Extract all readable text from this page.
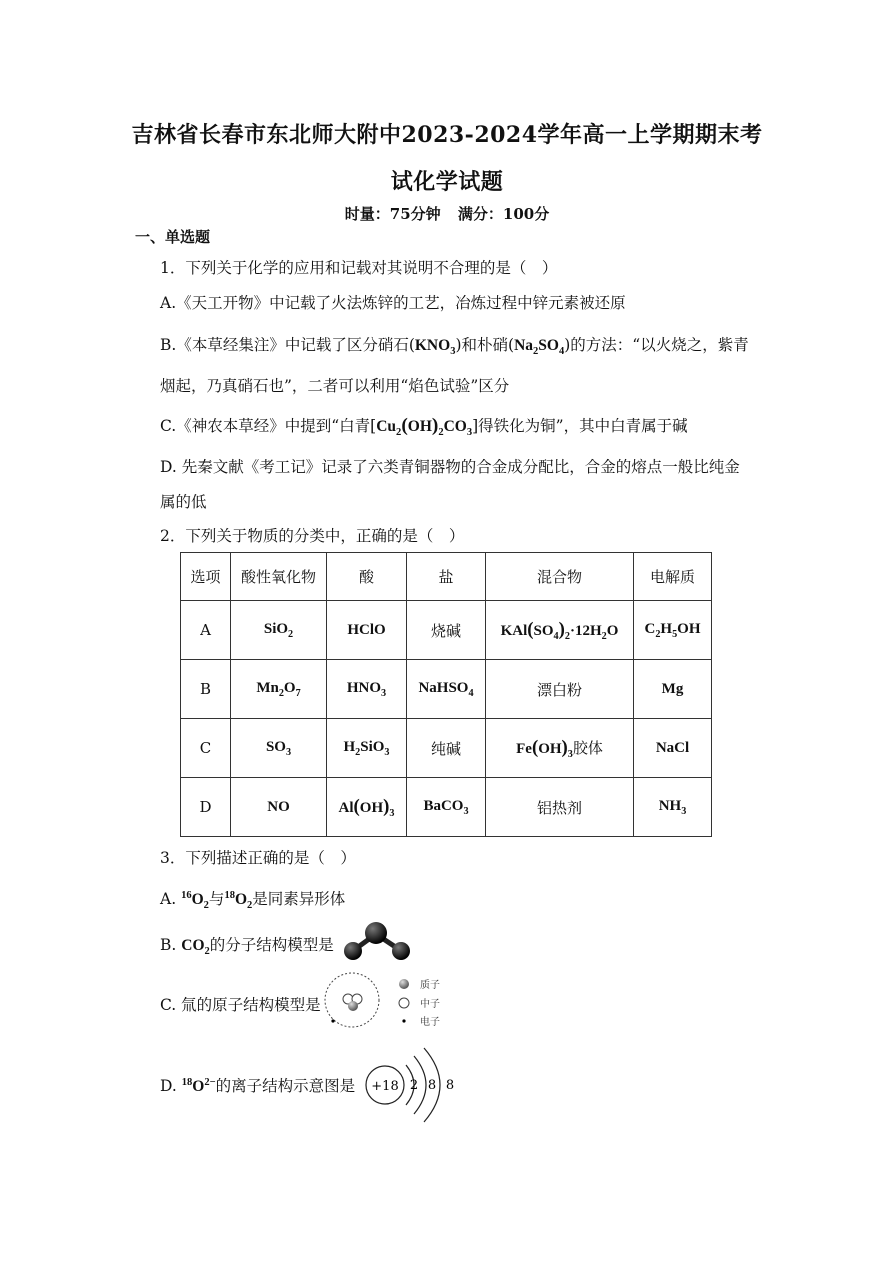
吉林省长春市东北师大附中2023-2024学年高一上学期期末考
试化学试题
时量：75分钟 满分：100分
一、单选题
1．下列关于化学的应用和记载对其说明不合理的是（　）
A.《天工开物》中记载了火法炼锌的工艺，冶炼过程中锌元素被还原
B.《本草经集注》中记载了区分硝石$(KNO_3)$和朴硝$(Na_2SO_4)$的方法：“以火烧之，紫青
烟起，乃真硝石也”，二者可以利用“焰色试验”区分
C.《神农本草经》中提到“白青$[Cu_2(OH)_2CO_3]$得铁化为铜”，其中白青属于碱
D. 先秦文献《考工记》记录了六类青铜器物的合金成分配比，合金的熔点一般比纯金
属的低
2．下列关于物质的分类中，正确的是（　）
选项	酸性氧化物	酸	盐	混合物	电解质
A	SiO$_2$	HClO	烧碱	$KAl(SO_4)_2\cdot 12H_2O$	$C_2H_5OH$
B	$Mn_2O_7$	$HNO_3$	NaHSO$_4$	漂白粉	Mg
C	$SO_3$	$H_2SiO_3$	纯碱	$Fe(OH)_3$胶体	NaCl
D	NO	$Al(OH)_3$	BaCO$_3$	铝热剂	$NH_3$
3．下列描述正确的是（　）
A. $^{16}O_2$与$^{18}O_2$是同素异形体
B. $CO_2$的分子结构模型是
C. 氚的原子结构模型是
质子
中子
电子
D. $^{18}O^{2-}$的离子结构示意图是 +18 2 8 8
